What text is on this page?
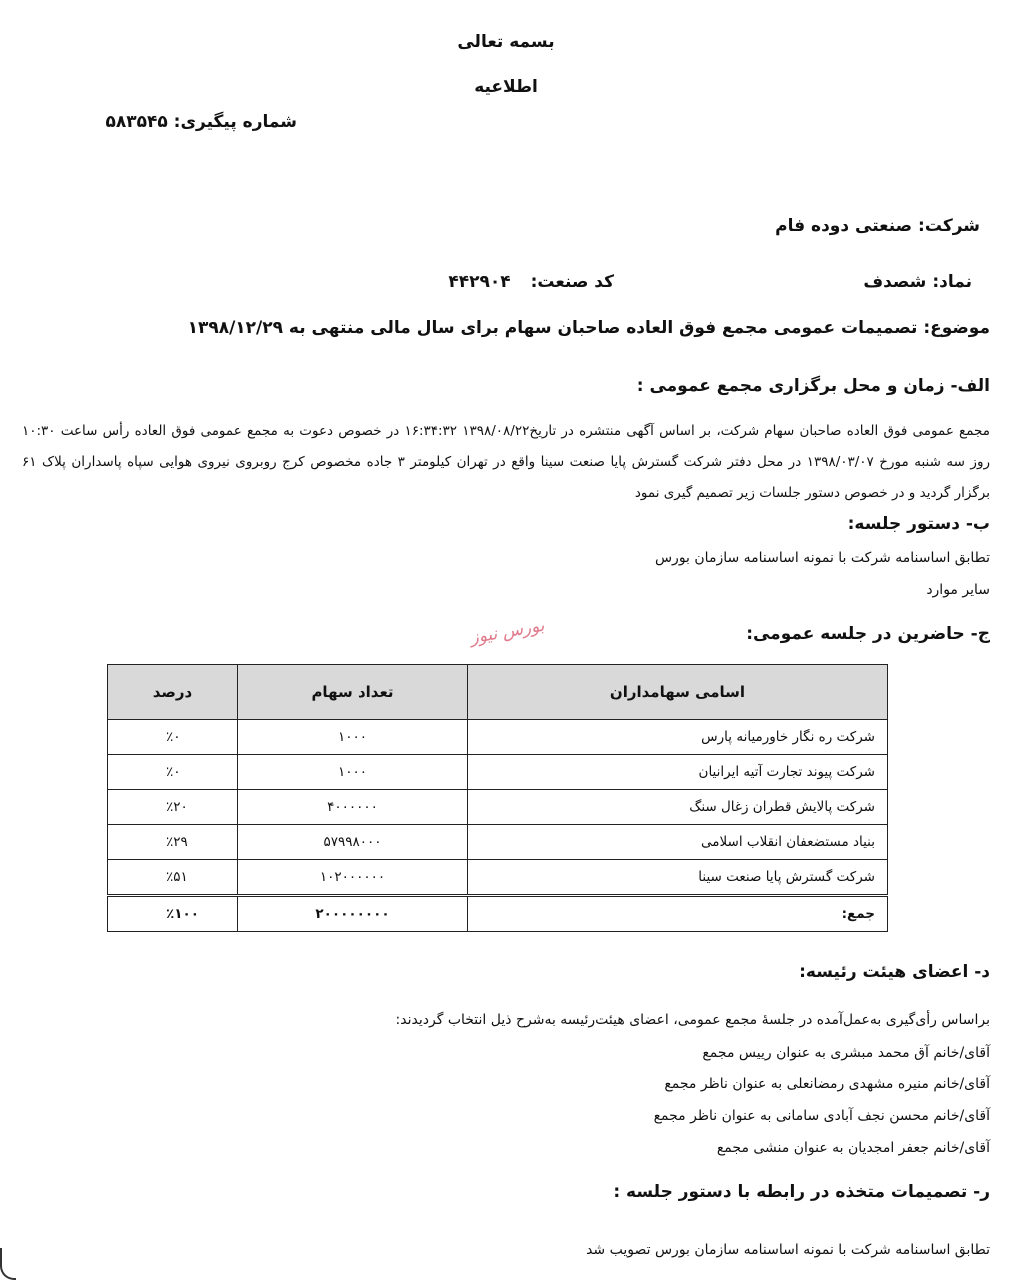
بسمه تعالی
اطلاعیه
شماره پیگیری: ۵۸۳۵۴۵
شرکت: صنعتی دوده فام
نماد: شصدف
کد صنعت: ۴۴۲۹۰۴
موضوع: تصمیمات عمومی مجمع فوق العاده صاحبان سهام برای سال مالی منتهی به ۱۳۹۸/۱۲/۲۹
الف- زمان و محل برگزاری مجمع عمومی :
مجمع عمومی فوق العاده صاحبان سهام شرکت، بر اساس آگهی منتشره در تاریخ۱۳۹۸/۰۸/۲۲ ۱۶:۳۴:۳۲ در خصوص دعوت به مجمع عمومی فوق العاده رأس ساعت ۱۰:۳۰ روز سه شنبه مورخ ۱۳۹۸/۰۳/۰۷ در محل دفتر شرکت گسترش پایا صنعت سینا واقع در تهران کیلومتر ۳ جاده مخصوص کرج روبروی نیروی هوایی سپاه پاسداران پلاک ۶۱ برگزار گردید و در خصوص دستور جلسات زیر تصمیم گیری نمود
ب- دستور جلسه:
تطابق اساسنامه شرکت با نمونه اساسنامه سازمان بورس
سایر موارد
ج- حاضرین در جلسه عمومی:
بورس نیوز
اسامی سهامداران	تعداد سهام	درصد
شرکت ره نگار خاورمیانه پارس	۱۰۰۰	٪۰
شرکت پیوند تجارت آتیه ایرانیان	۱۰۰۰	٪۰
شرکت پالایش قطران زغال سنگ	۴۰۰۰۰۰۰	٪۲۰
بنیاد مستضعفان انقلاب اسلامی	۵۷۹۹۸۰۰۰	٪۲۹
شرکت گسترش پایا صنعت سینا	۱۰۲۰۰۰۰۰۰	٪۵۱
جمع:	۲۰۰۰۰۰۰۰۰	٪۱۰۰
د- اعضای هیئت رئیسه:
براساس رأی‌گیری به‌عمل‌آمده در جلسهٔ مجمع عمومی، اعضای هیئت‌رئیسه به‌شرح ذیل انتخاب گردیدند:
آقای/خانم آق محمد مبشری به عنوان رییس مجمع
آقای/خانم منیره مشهدی رمضانعلی به عنوان ناظر مجمع
آقای/خانم محسن نجف آبادی سامانی به عنوان ناظر مجمع
آقای/خانم جعفر امجدیان به عنوان منشی مجمع
ر- تصمیمات متخذه در رابطه با دستور جلسه :
تطابق اساسنامه شرکت با نمونه اساسنامه سازمان بورس تصویب شد
